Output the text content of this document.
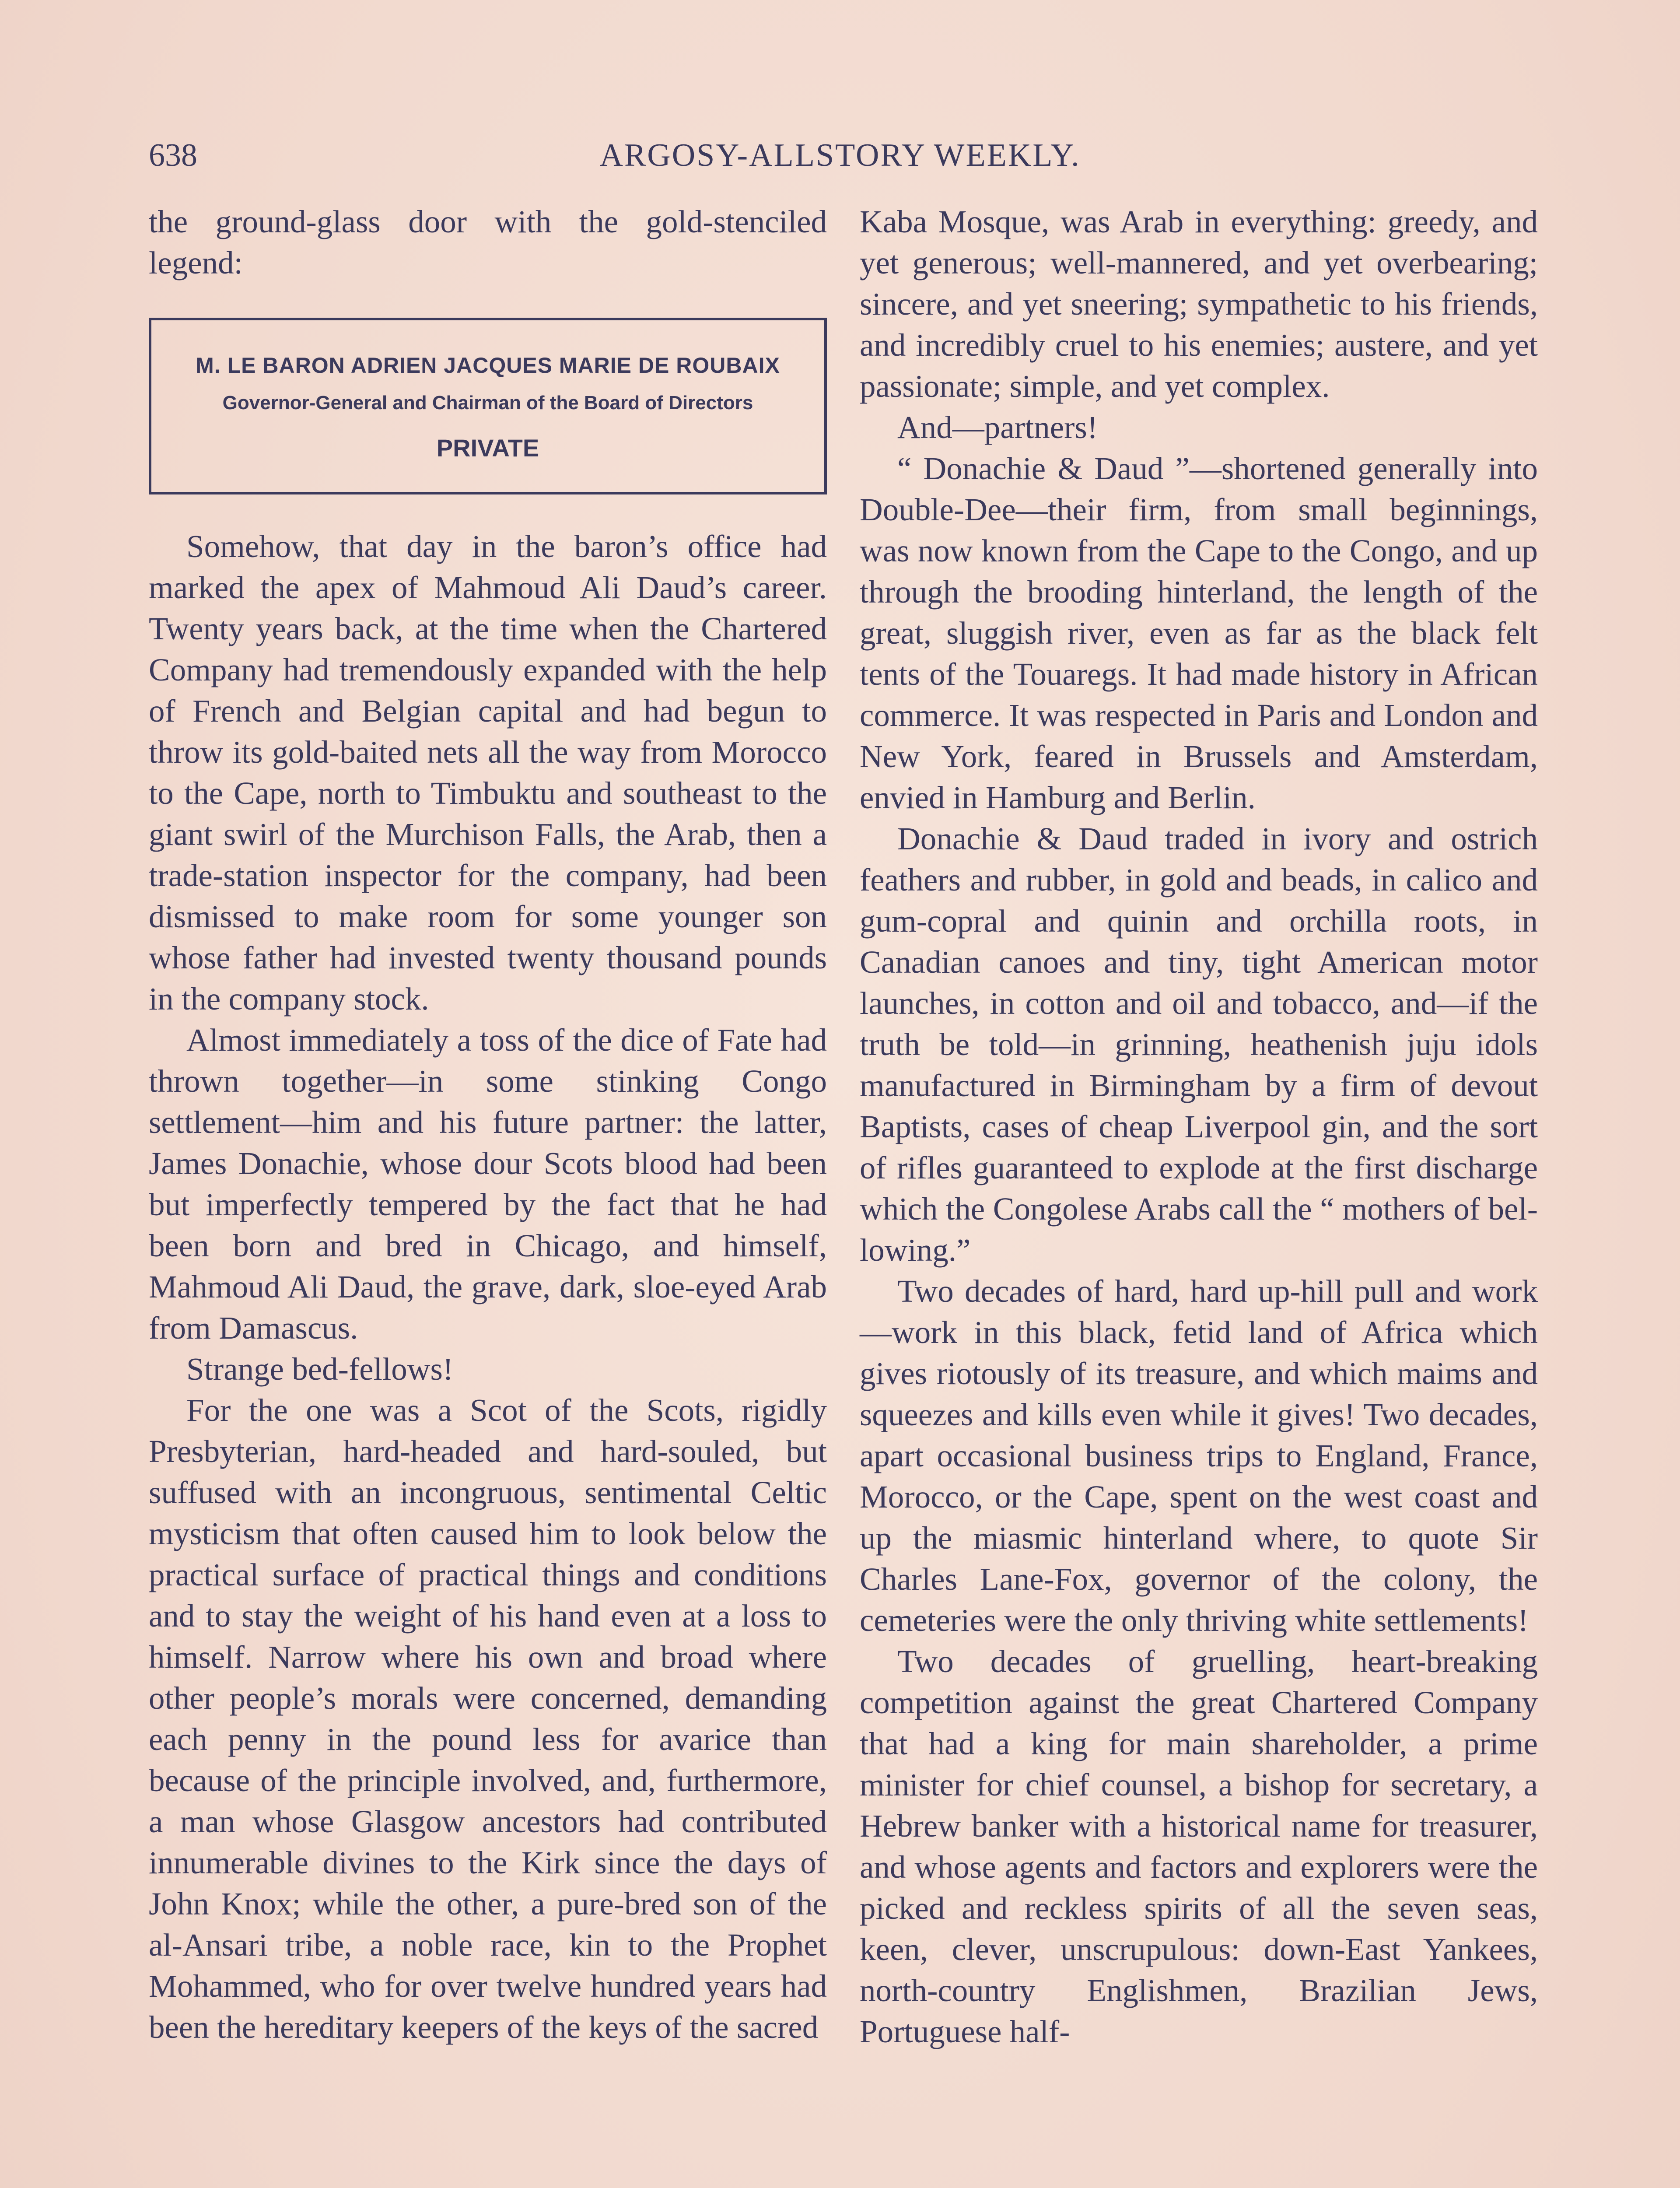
638	ARGOSY-ALLSTORY WEEKLY.

the ground-glass door with the gold-stenciled legend:

M. LE BARON ADRIEN JACQUES MARIE DE ROUBAIX
Governor-General and Chairman of the Board of Directors
PRIVATE

Somehow, that day in the baron’s office had marked the apex of Mahmoud Ali Daud’s career. Twenty years back, at the time when the Chartered Company had tremendously expanded with the help of French and Belgian capital and had begun to throw its gold-baited nets all the way from Morocco to the Cape, north to Timbuktu and southeast to the giant swirl of the Murchison Falls, the Arab, then a trade-station inspector for the company, had been dismissed to make room for some younger son whose father had invested twenty thousand pounds in the company stock.

Almost immediately a toss of the dice of Fate had thrown together—in some stinking Congo settlement—him and his future partner: the latter, James Donachie, whose dour Scots blood had been but imperfectly tempered by the fact that he had been born and bred in Chicago, and himself, Mahmoud Ali Daud, the grave, dark, sloe-eyed Arab from Damascus.

Strange bed-fellows!

For the one was a Scot of the Scots, rigidly Presbyterian, hard-headed and hard-souled, but suffused with an incongruous, sentimental Celtic mysticism that often caused him to look below the practical surface of practical things and conditions and to stay the weight of his hand even at a loss to himself. Narrow where his own and broad where other people’s morals were concerned, demanding each penny in the pound less for avarice than because of the principle involved, and, furthermore, a man whose Glasgow ancestors had contributed innumerable divines to the Kirk since the days of John Knox; while the other, a pure-bred son of the al-Ansari tribe, a noble race, kin to the Prophet Mohammed, who for over twelve hundred years had been the hereditary keepers of the keys of the sacred

Kaba Mosque, was Arab in everything: greedy, and yet generous; well-mannered, and yet overbearing; sincere, and yet sneering; sympathetic to his friends, and incredibly cruel to his enemies; austere, and yet passionate; simple, and yet complex.

And—partners!

“ Donachie & Daud ”—shortened generally into Double-Dee—their firm, from small beginnings, was now known from the Cape to the Congo, and up through the brooding hinterland, the length of the great, sluggish river, even as far as the black felt tents of the Touaregs. It had made history in African commerce. It was respected in Paris and London and New York, feared in Brussels and Amsterdam, envied in Hamburg and Berlin.

Donachie & Daud traded in ivory and ostrich feathers and rubber, in gold and beads, in calico and gum-copral and quinin and orchilla roots, in Canadian canoes and tiny, tight American motor launches, in cotton and oil and tobacco, and—if the truth be told—in grinning, heathenish juju idols manufactured in Birmingham by a firm of devout Baptists, cases of cheap Liverpool gin, and the sort of rifles guaranteed to explode at the first discharge which the Congolese Arabs call the “ mothers of bellowing.”

Two decades of hard, hard up-hill pull and work—work in this black, fetid land of Africa which gives riotously of its treasure, and which maims and squeezes and kills even while it gives! Two decades, apart occasional business trips to England, France, Morocco, or the Cape, spent on the west coast and up the miasmic hinterland where, to quote Sir Charles Lane-Fox, governor of the colony, the cemeteries were the only thriving white settlements!

Two decades of gruelling, heart-breaking competition against the great Chartered Company that had a king for main shareholder, a prime minister for chief counsel, a bishop for secretary, a Hebrew banker with a historical name for treasurer, and whose agents and factors and explorers were the picked and reckless spirits of all the seven seas, keen, clever, unscrupulous: down-East Yankees, north-country Englishmen, Brazilian Jews, Portuguese half-
